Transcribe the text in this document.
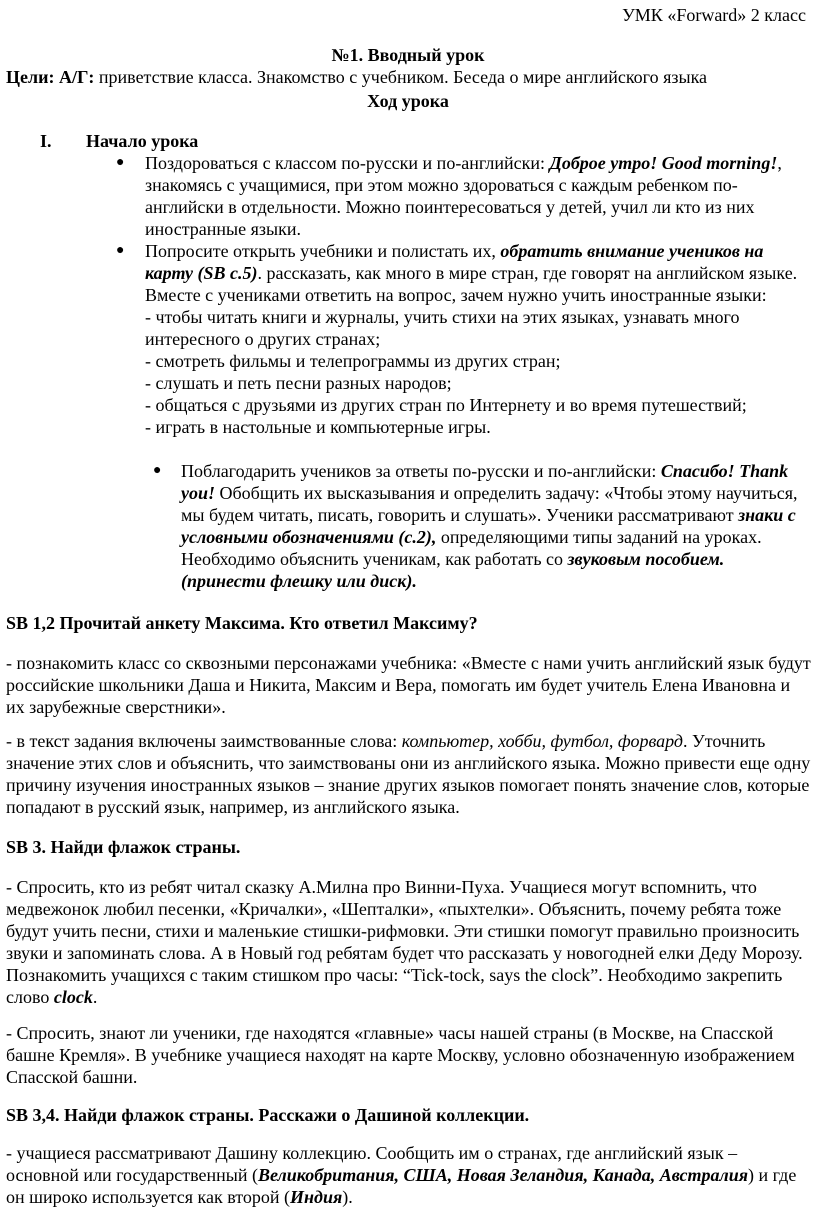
УМК «Forward» 2 класс
№1. Вводный урок
Цели: А/Г: приветствие класса. Знакомство с учебником. Беседа о мире английского языка
Ход урока
I. Начало урока
● Поздороваться с классом по-русски и по-английски: Доброе утро! Good morning!, знакомясь с учащимися, при этом можно здороваться с каждым ребенком по-английски в отдельности. Можно поинтересоваться у детей, учил ли кто из них иностранные языки.
● Попросите открыть учебники и полистать их, обратить внимание учеников на карту (SB с.5). рассказать, как много в мире стран, где говорят на английском языке. Вместе с учениками ответить на вопрос, зачем нужно учить иностранные языки:
- чтобы читать книги и журналы, учить стихи на этих языках, узнавать много интересного о других странах;
- смотреть фильмы и телепрограммы из других стран;
- слушать и петь песни разных народов;
- общаться с друзьями из других стран по Интернету и во время путешествий;
- играть в настольные и компьютерные игры.
● Поблагодарить учеников за ответы по-русски и по-английски: Спасибо! Thank you! Обобщить их высказывания и определить задачу: «Чтобы этому научиться, мы будем читать, писать, говорить и слушать». Ученики рассматривают знаки с условными обозначениями (с.2), определяющими типы заданий на уроках. Необходимо объяснить ученикам, как работать со звуковым пособием. (принести флешку или диск).
SB 1,2 Прочитай анкету Максима. Кто ответил Максиму?
- познакомить класс со сквозными персонажами учебника: «Вместе с нами учить английский язык будут российские школьники Даша и Никита, Максим и Вера, помогать им будет учитель Елена Ивановна и их зарубежные сверстники».
- в текст задания включены заимствованные слова: компьютер, хобби, футбол, форвард. Уточнить значение этих слов и объяснить, что заимствованы они из английского языка. Можно привести еще одну причину изучения иностранных языков – знание других языков помогает понять значение слов, которые попадают в русский язык, например, из английского языка.
SB 3. Найди флажок страны.
- Спросить, кто из ребят читал сказку А.Милна про Винни-Пуха. Учащиеся могут вспомнить, что медвежонок любил песенки, «Кричалки», «Шепталки», «пыхтелки». Объяснить, почему ребята тоже будут учить песни, стихи и маленькие стишки-рифмовки. Эти стишки помогут правильно произносить звуки и запоминать слова. А в Новый год ребятам будет что рассказать у новогодней елки Деду Морозу. Познакомить учащихся с таким стишком про часы: “Tick-tock, says the clock”. Необходимо закрепить слово clock.
- Спросить, знают ли ученики, где находятся «главные» часы нашей страны (в Москве, на Спасской башне Кремля». В учебнике учащиеся находят на карте Москву, условно обозначенную изображением Спасской башни.
SB 3,4. Найди флажок страны. Расскажи о Дашиной коллекции.
- учащиеся рассматривают Дашину коллекцию. Сообщить им о странах, где английский язык – основной или государственный (Великобритания, США, Новая Зеландия, Канада, Австралия) и где он широко используется как второй (Индия).
